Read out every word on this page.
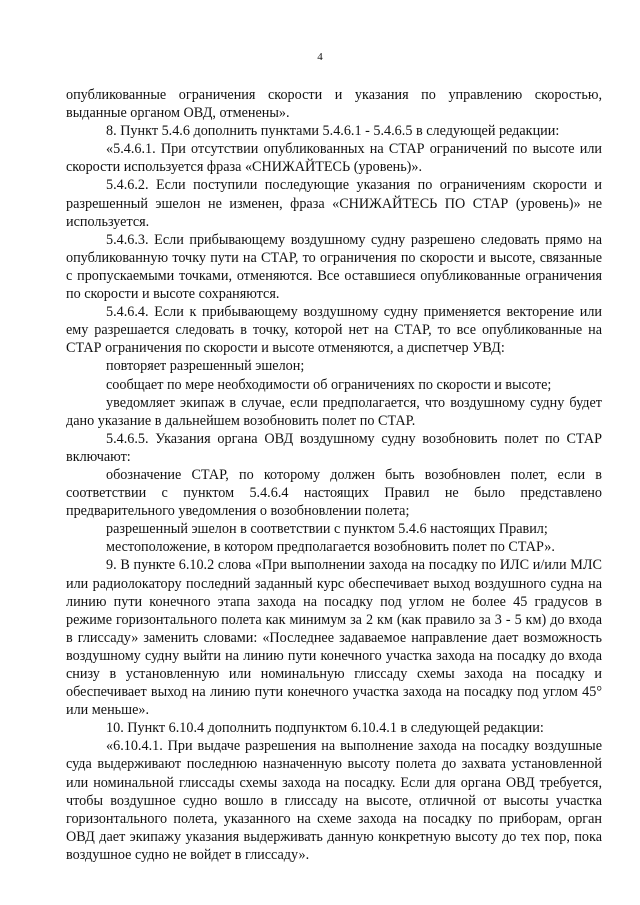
4

опубликованные ограничения скорости и указания по управлению скоростью, выданные органом ОВД, отменены».

8. Пункт 5.4.6 дополнить пунктами 5.4.6.1 - 5.4.6.5 в следующей редакции:

«5.4.6.1. При отсутствии опубликованных на СТАР ограничений по высоте или скорости используется фраза «СНИЖАЙТЕСЬ (уровень)».

5.4.6.2. Если поступили последующие указания по ограничениям скорости и разрешенный эшелон не изменен, фраза «СНИЖАЙТЕСЬ ПО СТАР (уровень)» не используется.

5.4.6.3. Если прибывающему воздушному судну разрешено следовать прямо на опубликованную точку пути на СТАР, то ограничения по скорости и высоте, связанные с пропускаемыми точками, отменяются. Все оставшиеся опубликованные ограничения по скорости и высоте сохраняются.

5.4.6.4. Если к прибывающему воздушному судну применяется векторение или ему разрешается следовать в точку, которой нет на СТАР, то все опубликованные на СТАР ограничения по скорости и высоте отменяются, а диспетчер УВД:

повторяет разрешенный эшелон;

сообщает по мере необходимости об ограничениях по скорости и высоте;

уведомляет экипаж в случае, если предполагается, что воздушному судну будет дано указание в дальнейшем возобновить полет по СТАР.

5.4.6.5. Указания органа ОВД воздушному судну возобновить полет по СТАР включают:

обозначение СТАР, по которому должен быть возобновлен полет, если в соответствии с пунктом 5.4.6.4 настоящих Правил не было представлено предварительного уведомления о возобновлении полета;

разрешенный эшелон в соответствии с пунктом 5.4.6 настоящих Правил;

местоположение, в котором предполагается возобновить полет по СТАР».

9. В пункте 6.10.2 слова «При выполнении захода на посадку по ИЛС и/или МЛС или радиолокатору последний заданный курс обеспечивает выход воздушного судна на линию пути конечного этапа захода на посадку под углом не более 45 градусов в режиме горизонтального полета как минимум за 2 км (как правило за 3 - 5 км) до входа в глиссаду» заменить словами: «Последнее задаваемое направление дает возможность воздушному судну выйти на линию пути конечного участка захода на посадку до входа снизу в установленную или номинальную глиссаду схемы захода на посадку и обеспечивает выход на линию пути конечного участка захода на посадку под углом 45° или меньше».

10. Пункт 6.10.4 дополнить подпунктом 6.10.4.1 в следующей редакции:

«6.10.4.1. При выдаче разрешения на выполнение захода на посадку воздушные суда выдерживают последнюю назначенную высоту полета до захвата установленной или номинальной глиссады схемы захода на посадку. Если для органа ОВД требуется, чтобы воздушное судно вошло в глиссаду на высоте, отличной от высоты участка горизонтального полета, указанного на схеме захода на посадку по приборам, орган ОВД дает экипажу указания выдерживать данную конкретную высоту до тех пор, пока воздушное судно не войдет в глиссаду».
